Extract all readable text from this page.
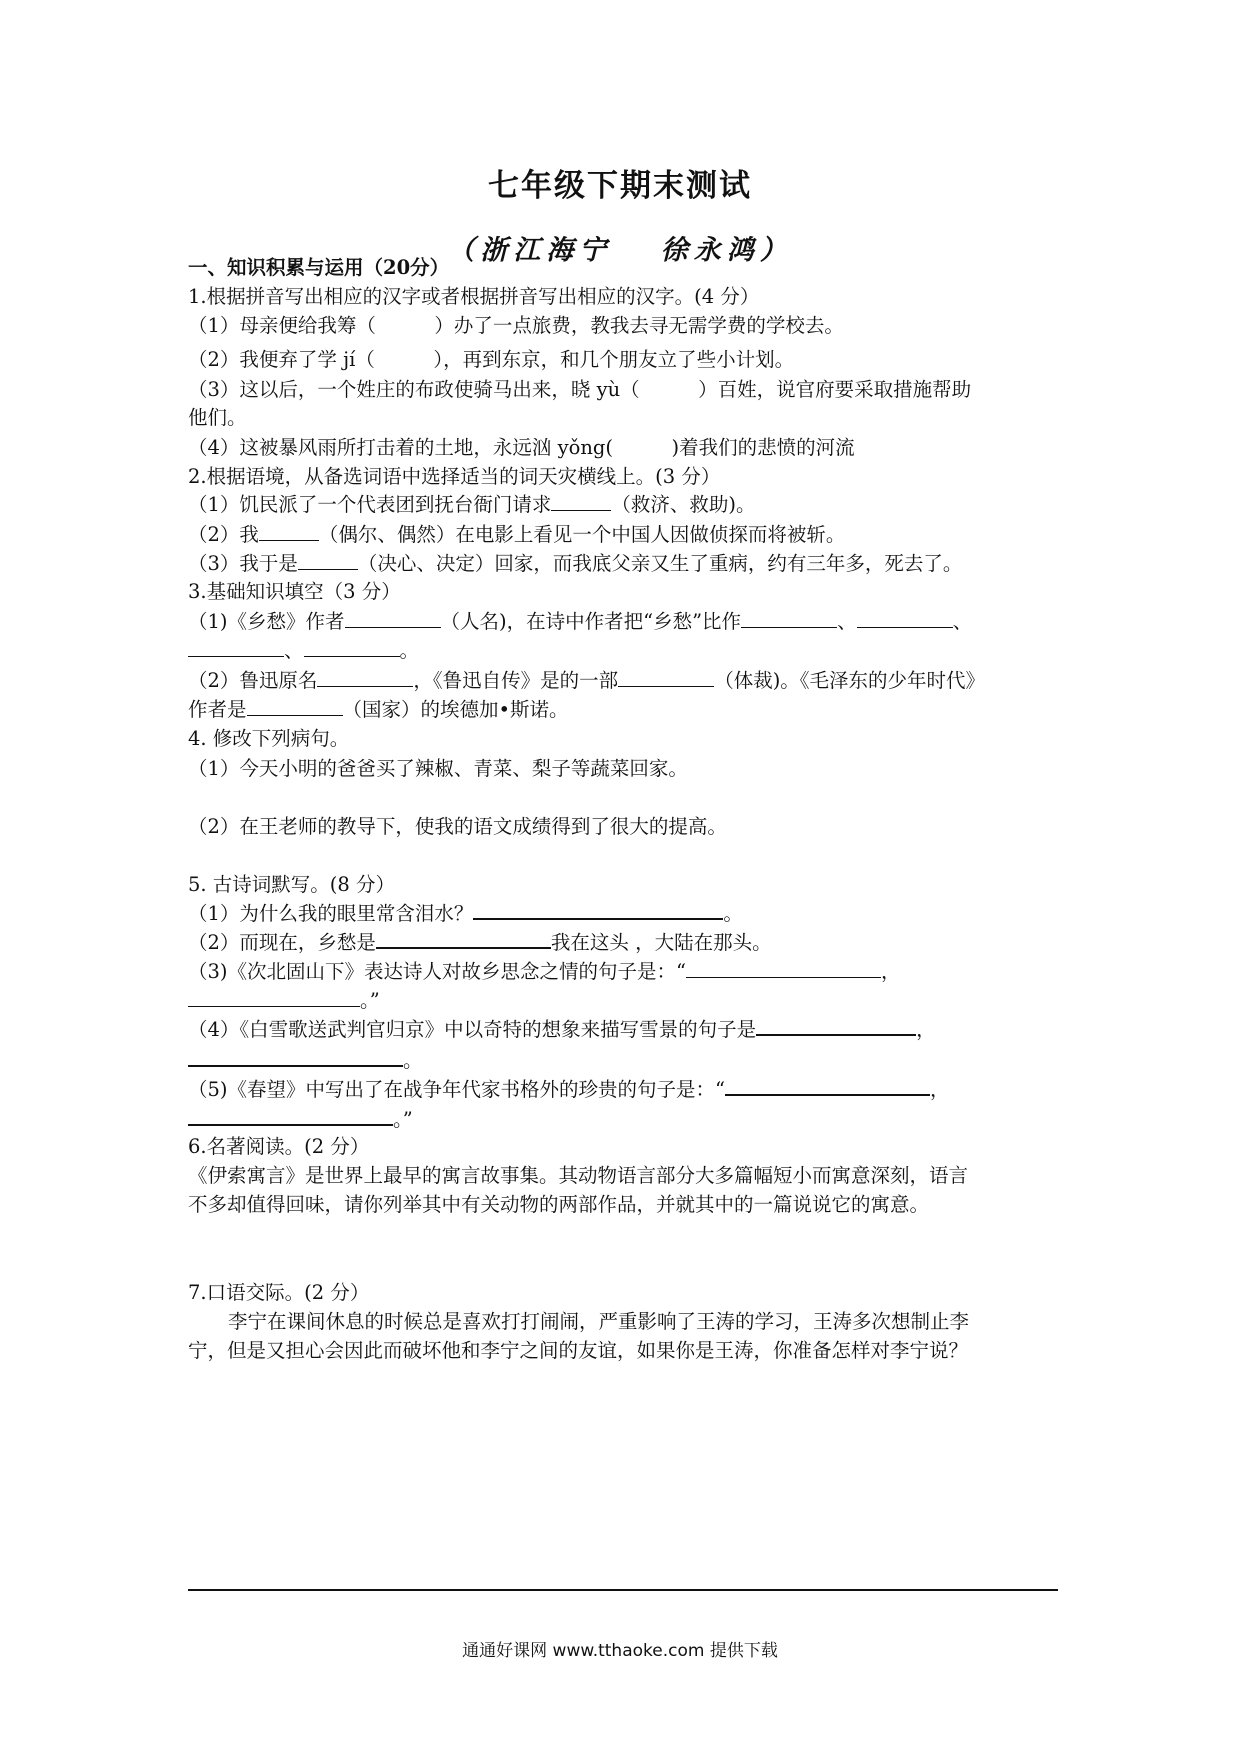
七年级下期末测试
（浙江海宁　 徐永鸿）
一、知识积累与运用（20分）
1.根据拼音写出相应的汉字或者根据拼音写出相应的汉字。(4 分）
（1）母亲便给我筹（　　　）办了一点旅费，教我去寻无需学费的学校去。
（2）我便弃了学 jí（　　　），再到东京，和几个朋友立了些小计划。
（3）这以后，一个姓庄的布政使骑马出来，晓 yù（　　　）百姓，说官府要采取措施帮助
他们。
（4）这被暴风雨所打击着的土地，永远汹 yǒng(　　　)着我们的悲愤的河流
2.根据语境，从备选词语中选择适当的词天灾横线上。(3 分）
（1）饥民派了一个代表团到抚台衙门请求	（救济、救助)。
（2）我	（偶尔、偶然）在电影上看见一个中国人因做侦探而将被斩。
（3）我于是	（决心、决定）回家，而我底父亲又生了重病，约有三年多，死去了。
3.基础知识填空（3 分）
（1)《乡愁》作者	（人名)，在诗中作者把“乡愁”比作	、	、
、	。
（2）鲁迅原名	，《鲁迅自传》是的一部	（体裁)。《毛泽东的少年时代》
作者是	（国家）的埃德加•斯诺。
4. 修改下列病句。
（1）今天小明的爸爸买了辣椒、青菜、梨子等蔬菜回家。
（2）在王老师的教导下，使我的语文成绩得到了很大的提高。
5. 古诗词默写。(8 分）
（1）为什么我的眼里常含泪水？	。
（2）而现在，乡愁是	我在这头 ，大陆在那头。
（3)《次北固山下》表达诗人对故乡思念之情的句子是：“	，
。”
（4）《白雪歌送武判官归京》中以奇特的想象来描写雪景的句子是	，
。
（5)《春望》中写出了在战争年代家书格外的珍贵的句子是：“	，
。”
6.名著阅读。(2 分）
《伊索寓言》是世界上最早的寓言故事集。其动物语言部分大多篇幅短小而寓意深刻，语言
不多却值得回味，请你列举其中有关动物的两部作品，并就其中的一篇说说它的寓意。
7.口语交际。(2 分）
李宁在课间休息的时候总是喜欢打打闹闹，严重影响了王涛的学习，王涛多次想制止李
宁，但是又担心会因此而破坏他和李宁之间的友谊，如果你是王涛，你准备怎样对李宁说？
通通好课网 www.tthaoke.com 提供下载
